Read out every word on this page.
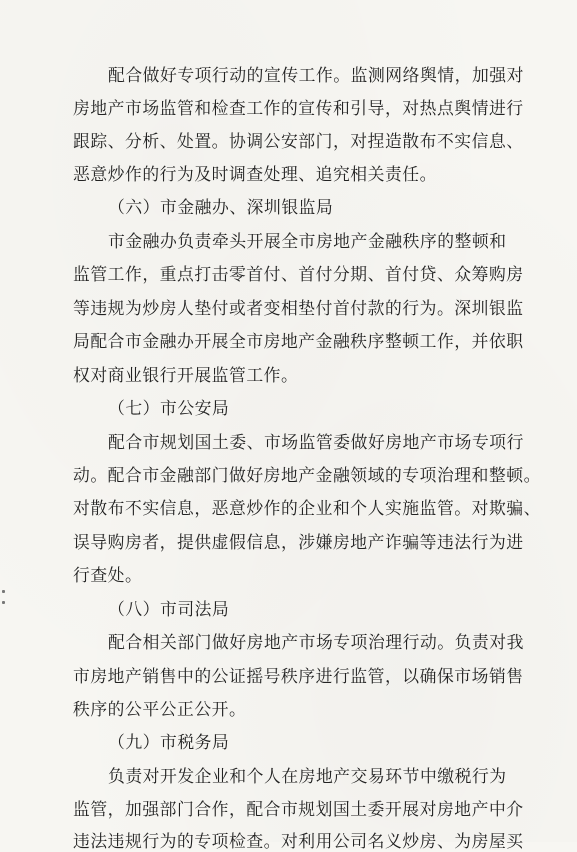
配合做好专项行动的宣传工作。监测网络舆情，加强对
房地产市场监管和检查工作的宣传和引导，对热点舆情进行
跟踪、分析、处置。协调公安部门，对捏造散布不实信息、
恶意炒作的行为及时调查处理、追究相关责任。
（六）市金融办、深圳银监局
市金融办负责牵头开展全市房地产金融秩序的整顿和
监管工作，重点打击零首付、首付分期、首付贷、众筹购房
等违规为炒房人垫付或者变相垫付首付款的行为。深圳银监
局配合市金融办开展全市房地产金融秩序整顿工作，并依职
权对商业银行开展监管工作。
（七）市公安局
配合市规划国土委、市场监管委做好房地产市场专项行
动。配合市金融部门做好房地产金融领域的专项治理和整顿。
对散布不实信息，恶意炒作的企业和个人实施监管。对欺骗、
误导购房者，提供虚假信息，涉嫌房地产诈骗等违法行为进
行查处。
（八）市司法局
配合相关部门做好房地产市场专项治理行动。负责对我
市房地产销售中的公证摇号秩序进行监管，以确保市场销售
秩序的公平公正公开。
（九）市税务局
负责对开发企业和个人在房地产交易环节中缴税行为
监管，加强部门合作，配合市规划国土委开展对房地产中介
违法违规行为的专项检查。对利用公司名义炒房、为房屋买
